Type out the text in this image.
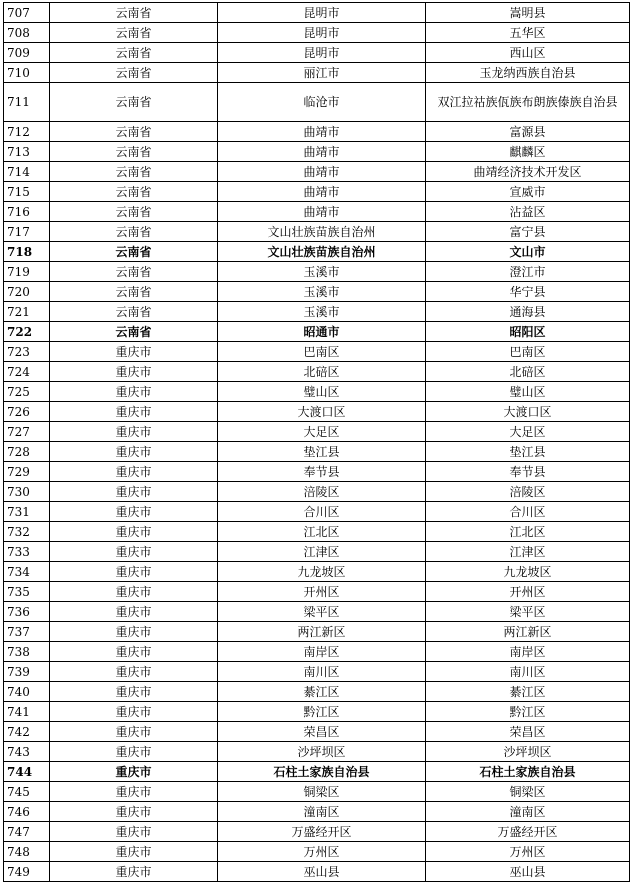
707	云南省	昆明市	嵩明县
708	云南省	昆明市	五华区
709	云南省	昆明市	西山区
710	云南省	丽江市	玉龙纳西族自治县
711	云南省	临沧市	双江拉祜族佤族布朗族傣族自治县
712	云南省	曲靖市	富源县
713	云南省	曲靖市	麒麟区
714	云南省	曲靖市	曲靖经济技术开发区
715	云南省	曲靖市	宣威市
716	云南省	曲靖市	沾益区
717	云南省	文山壮族苗族自治州	富宁县
718	云南省	文山壮族苗族自治州	文山市
719	云南省	玉溪市	澄江市
720	云南省	玉溪市	华宁县
721	云南省	玉溪市	通海县
722	云南省	昭通市	昭阳区
723	重庆市	巴南区	巴南区
724	重庆市	北碚区	北碚区
725	重庆市	璧山区	璧山区
726	重庆市	大渡口区	大渡口区
727	重庆市	大足区	大足区
728	重庆市	垫江县	垫江县
729	重庆市	奉节县	奉节县
730	重庆市	涪陵区	涪陵区
731	重庆市	合川区	合川区
732	重庆市	江北区	江北区
733	重庆市	江津区	江津区
734	重庆市	九龙坡区	九龙坡区
735	重庆市	开州区	开州区
736	重庆市	梁平区	梁平区
737	重庆市	两江新区	两江新区
738	重庆市	南岸区	南岸区
739	重庆市	南川区	南川区
740	重庆市	綦江区	綦江区
741	重庆市	黔江区	黔江区
742	重庆市	荣昌区	荣昌区
743	重庆市	沙坪坝区	沙坪坝区
744	重庆市	石柱土家族自治县	石柱土家族自治县
745	重庆市	铜梁区	铜梁区
746	重庆市	潼南区	潼南区
747	重庆市	万盛经开区	万盛经开区
748	重庆市	万州区	万州区
749	重庆市	巫山县	巫山县
